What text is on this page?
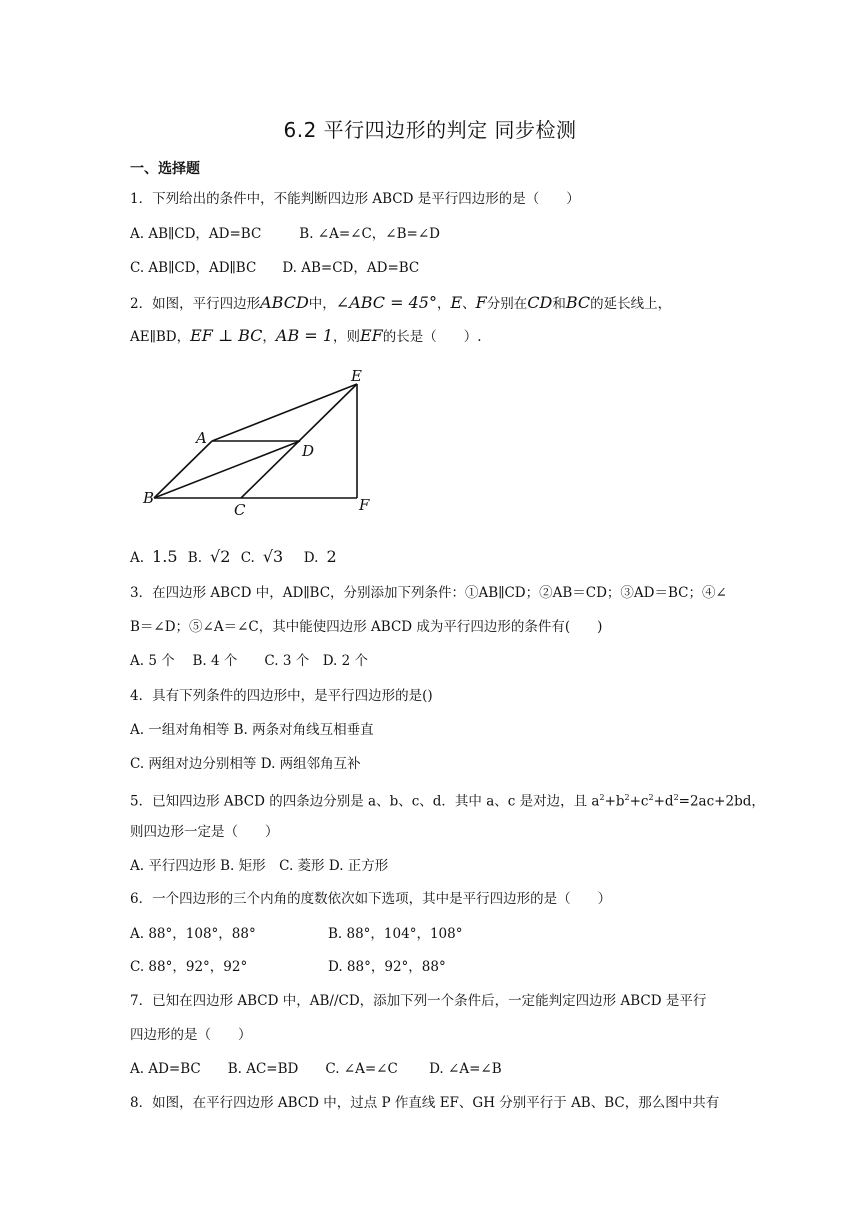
6.2 平行四边形的判定 同步检测
一、选择题
1．下列给出的条件中，不能判断四边形 ABCD 是平行四边形的是（　　）
A. AB∥CD，AD=BC	B. ∠A=∠C，∠B=∠D
C. AB∥CD，AD∥BC D. AB=CD，AD=BC
2．如图，平行四边形ABCD中，∠ABC = 45°，E、F分别在CD和BC的延长线上，
AE∥BD，EF ⊥ BC，AB = 1，则EF的长是（　　）.
A
B
C
D
E
F
A. 1.5 B. √2 C. √3 D. 2
3．在四边形 ABCD 中，AD∥BC，分别添加下列条件：①AB∥CD；②AB＝CD；③AD＝BC；④∠
B＝∠D；⑤∠A＝∠C，其中能使四边形 ABCD 成为平行四边形的条件有(　　)
A. 5 个　 B. 4 个　　C. 3 个　D. 2 个
4．具有下列条件的四边形中，是平行四边形的是()
A. 一组对角相等 B. 两条对角线互相垂直
C. 两组对边分别相等 D. 两组邻角互补
5．已知四边形 ABCD 的四条边分别是 a、b、c、d．其中 a、c 是对边，且 $a^2+b^2+c^2+d^2=2ac+2bd$，
则四边形一定是（　　）
A. 平行四边形 B. 矩形　C. 菱形 D. 正方形
6．一个四边形的三个内角的度数依次如下选项，其中是平行四边形的是（　　）
A. 88°，108°，88°	B. 88°，104°，108°
C. 88°，92°，92°	D. 88°，92°，88°
7．已知在四边形 ABCD 中，AB//CD，添加下列一个条件后，一定能判定四边形 ABCD 是平行
四边形的是（　　）
A. AD=BC　　B. AC=BD　　C. ∠A=∠C　　 D. ∠A=∠B
8．如图，在平行四边形 ABCD 中，过点 P 作直线 EF、GH 分别平行于 AB、BC，那么图中共有
